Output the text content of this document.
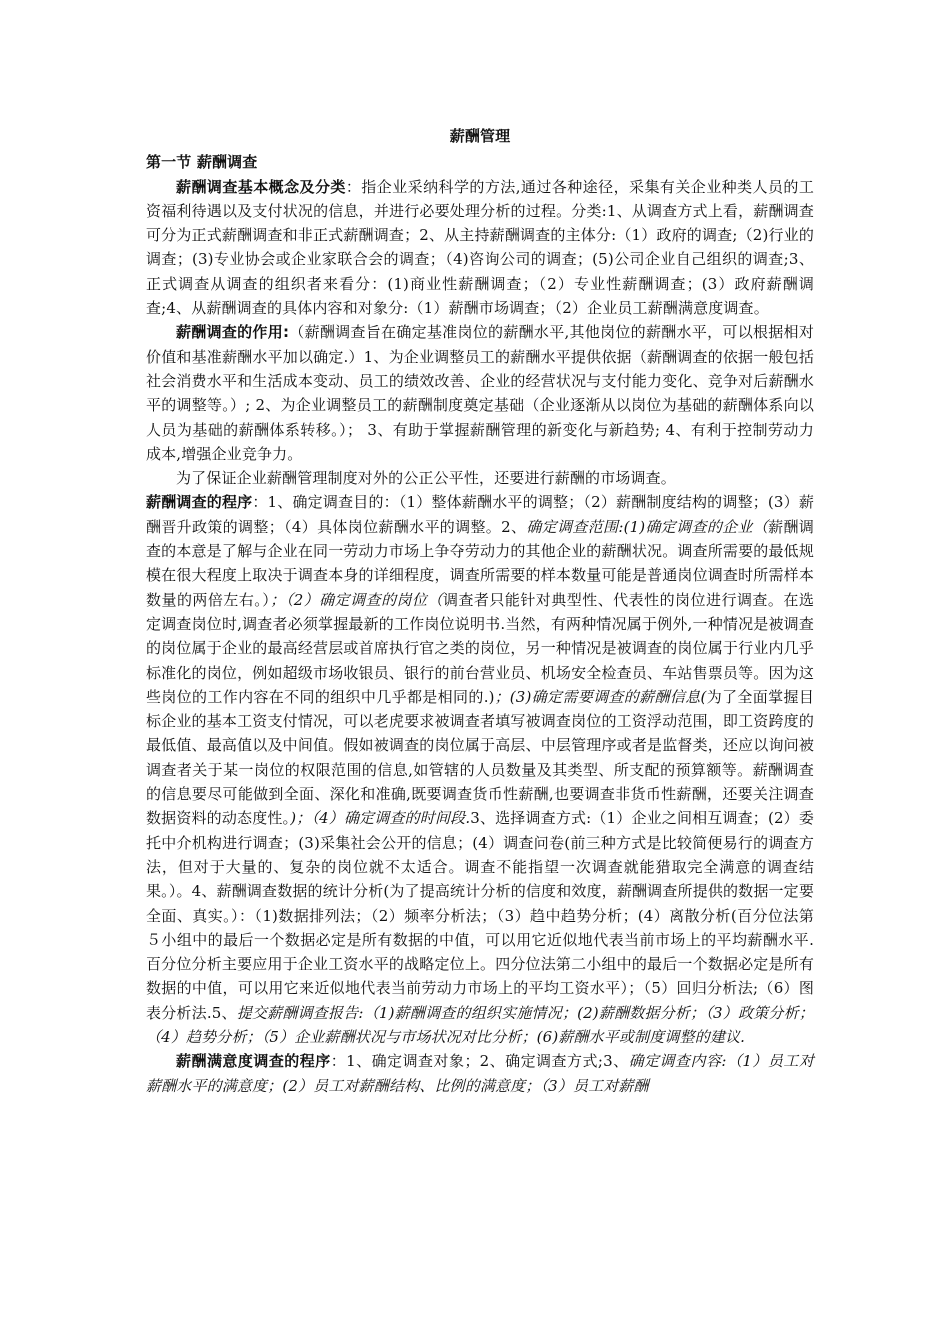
薪酬管理

第一节 薪酬调查

薪酬调查基本概念及分类：指企业采纳科学的方法,通过各种途径，采集有关企业种类人员的工资福利待遇以及支付状况的信息，并进行必要处理分析的过程。分类:1、从调查方式上看，薪酬调查可分为正式薪酬调查和非正式薪酬调查；2、从主持薪酬调查的主体分:（1）政府的调查;（2)行业的调查；(3)专业协会或企业家联合会的调查；（4)咨询公司的调查；(5)公司企业自己组织的调查;3、正式调查从调查的组织者来看分：(1)商业性薪酬调查；（2）专业性薪酬调查；(3）政府薪酬调查;4、从薪酬调查的具体内容和对象分:（1）薪酬市场调查；（2）企业员工薪酬满意度调查。

薪酬调查的作用:（薪酬调查旨在确定基准岗位的薪酬水平,其他岗位的薪酬水平，可以根据相对价值和基准薪酬水平加以确定.）1、为企业调整员工的薪酬水平提供依据（薪酬调查的依据一般包括社会消费水平和生活成本变动、员工的绩效改善、企业的经营状况与支付能力变化、竞争对后薪酬水平的调整等。）; 2、为企业调整员工的薪酬制度奠定基础（企业逐渐从以岗位为基础的薪酬体系向以人员为基础的薪酬体系转移。）； 3、有助于掌握薪酬管理的新变化与新趋势; 4、有利于控制劳动力成本,增强企业竞争力。

为了保证企业薪酬管理制度对外的公正公平性，还要进行薪酬的市场调查。

薪酬调查的程序：1、确定调查目的：（1）整体薪酬水平的调整；（2）薪酬制度结构的调整；(3）薪酬晋升政策的调整；（4）具体岗位薪酬水平的调整。2、确定调查范围:(1)确定调查的企业（薪酬调查的本意是了解与企业在同一劳动力市场上争夺劳动力的其他企业的薪酬状况。调查所需要的最低规模在很大程度上取决于调查本身的详细程度，调查所需要的样本数量可能是普通岗位调查时所需样本数量的两倍左右。）；（2）确定调查的岗位（调查者只能针对典型性、代表性的岗位进行调查。在选定调查岗位时,调查者必须掌握最新的工作岗位说明书.当然，有两种情况属于例外,一种情况是被调查的岗位属于企业的最高经营层或首席执行官之类的岗位，另一种情况是被调查的岗位属于行业内几乎标准化的岗位，例如超级市场收银员、银行的前台营业员、机场安全检查员、车站售票员等。因为这些岗位的工作内容在不同的组织中几乎都是相同的.)；(3)确定需要调查的薪酬信息(为了全面掌握目标企业的基本工资支付情况，可以老虎要求被调查者填写被调查岗位的工资浮动范围，即工资跨度的最低值、最高值以及中间值。假如被调查的岗位属于高层、中层管理序或者是监督类，还应以询问被调查者关于某一岗位的权限范围的信息,如管辖的人员数量及其类型、所支配的预算额等。薪酬调查的信息要尽可能做到全面、深化和准确,既要调查货币性薪酬,也要调查非货币性薪酬，还要关注调查数据资料的动态度性。)；（4）确定调查的时间段.3、选择调查方式:（1）企业之间相互调查；(2）委托中介机构进行调查；(3)采集社会公开的信息；(4）调查问卷(前三种方式是比较简便易行的调查方法，但对于大量的、复杂的岗位就不太适合。调查不能指望一次调查就能猎取完全满意的调查结果。）。4、薪酬调查数据的统计分析(为了提高统计分析的信度和效度，薪酬调查所提供的数据一定要全面、真实。）：（1)数据排列法；（2）频率分析法；（3）趋中趋势分析；(4）离散分析(百分位法第５小组中的最后一个数据必定是所有数据的中值，可以用它近似地代表当前市场上的平均薪酬水平.百分位分析主要应用于企业工资水平的战略定位上。四分位法第二小组中的最后一个数据必定是所有数据的中值，可以用它来近似地代表当前劳动力市场上的平均工资水平）；（5）回归分析法;（6）图表分析法.5、提交薪酬调查报告:（1)薪酬调查的组织实施情况；(2)薪酬数据分析；（3）政策分析；（4）趋势分析；（5）企业薪酬状况与市场状况对比分析；(6)薪酬水平或制度调整的建议.

薪酬满意度调查的程序：1、确定调查对象；2、确定调查方式;3、确定调查内容:（1）员工对薪酬水平的满意度；(2）员工对薪酬结构、比例的满意度；（3）员工对薪酬
